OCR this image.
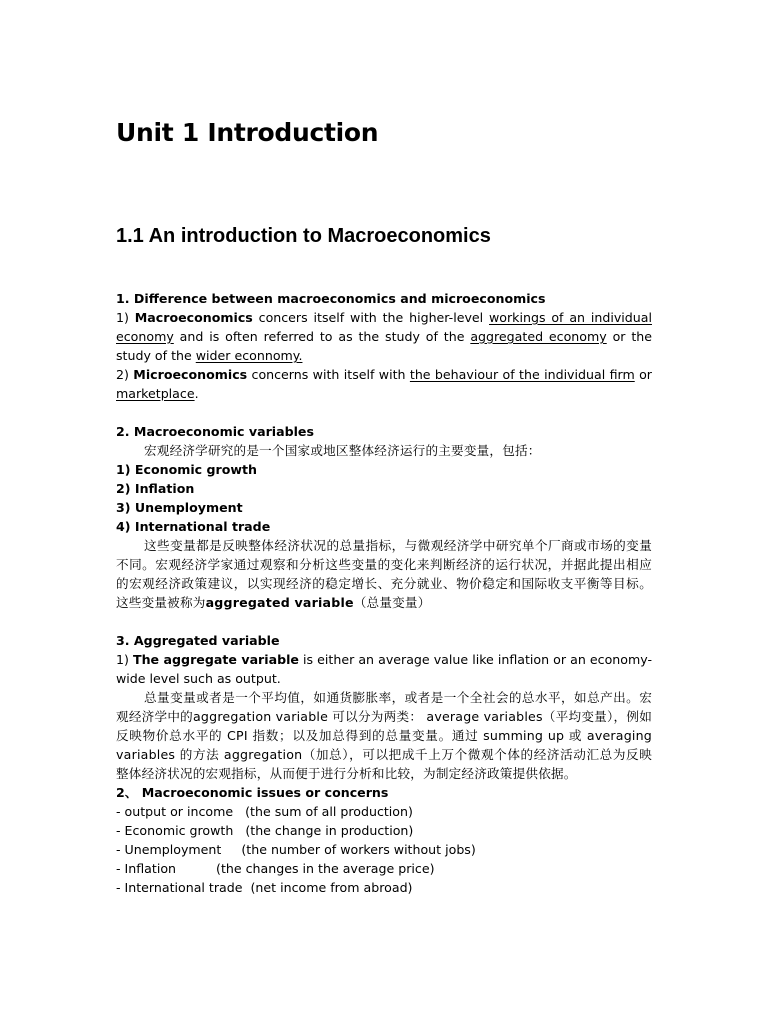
Unit 1 Introduction
1.1 An introduction to Macroeconomics

1. Difference between macroeconomics and microeconomics

1) Macroeconomics concers itself with the higher-level workings of an individual economy and is often referred to as the study of the aggregated economy or the study of the wider econnomy.

2) Microeconomics concerns with itself with the behaviour of the individual firm or marketplace.

2. Macroeconomic variables

宏观经济学研究的是一个国家或地区整体经济运行的主要变量，包括：

1) Economic growth

2) Inflation

3) Unemployment

4) International trade

这些变量都是反映整体经济状况的总量指标，与微观经济学中研究单个厂商或市场的变量不同。宏观经济学家通过观察和分析这些变量的变化来判断经济的运行状况，并据此提出相应的宏观经济政策建议，以实现经济的稳定增长、充分就业、物价稳定和国际收支平衡等目标。这些变量被称为aggregated variable（总量变量）

3. Aggregated variable

1) The aggregate variable is either an average value like inflation or an economy-wide level such as output.

总量变量或者是一个平均值，如通货膨胀率，或者是一个全社会的总水平，如总产出。宏观经济学中的aggregation variable 可以分为两类： average variables（平均变量），例如反映物价总水平的 CPI 指数；以及加总得到的总量变量。通过 summing up 或 averaging variables 的方法 aggregation（加总），可以把成千上万个微观个体的经济活动汇总为反映整体经济状况的宏观指标，从而便于进行分析和比较，为制定经济政策提供依据。

2、 Macroeconomic issues or concerns

- output or income   (the sum of all production)

- Economic growth   (the change in production)

- Unemployment     (the number of workers without jobs)

- Inflation          (the changes in the average price)

- International trade  (net income from abroad)
